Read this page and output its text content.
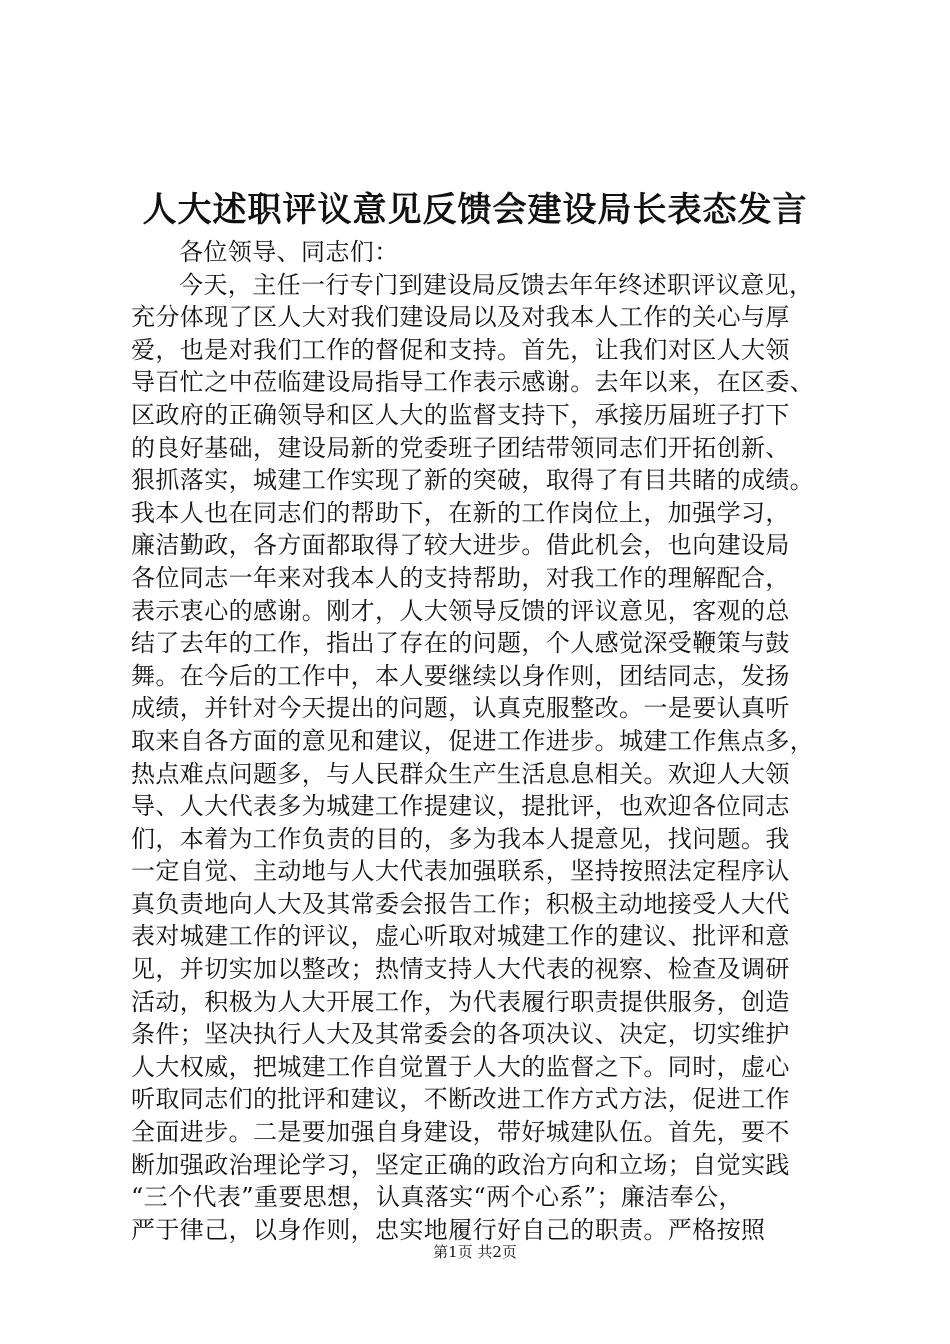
人大述职评议意见反馈会建设局长表态发言
各位领导、同志们：
今天，主任一行专门到建设局反馈去年年终述职评议意见，
充分体现了区人大对我们建设局以及对我本人工作的关心与厚
爱，也是对我们工作的督促和支持。首先，让我们对区人大领
导百忙之中莅临建设局指导工作表示感谢。去年以来，在区委、
区政府的正确领导和区人大的监督支持下，承接历届班子打下
的良好基础，建设局新的党委班子团结带领同志们开拓创新、
狠抓落实，城建工作实现了新的突破，取得了有目共睹的成绩。
我本人也在同志们的帮助下，在新的工作岗位上，加强学习，
廉洁勤政，各方面都取得了较大进步。借此机会，也向建设局
各位同志一年来对我本人的支持帮助，对我工作的理解配合，
表示衷心的感谢。刚才，人大领导反馈的评议意见，客观的总
结了去年的工作，指出了存在的问题，个人感觉深受鞭策与鼓
舞。在今后的工作中，本人要继续以身作则，团结同志，发扬
成绩，并针对今天提出的问题，认真克服整改。一是要认真听
取来自各方面的意见和建议，促进工作进步。城建工作焦点多，
热点难点问题多，与人民群众生产生活息息相关。欢迎人大领
导、人大代表多为城建工作提建议，提批评，也欢迎各位同志
们，本着为工作负责的目的，多为我本人提意见，找问题。我
一定自觉、主动地与人大代表加强联系，坚持按照法定程序认
真负责地向人大及其常委会报告工作；积极主动地接受人大代
表对城建工作的评议，虚心听取对城建工作的建议、批评和意
见，并切实加以整改；热情支持人大代表的视察、检查及调研
活动，积极为人大开展工作，为代表履行职责提供服务，创造
条件；坚决执行人大及其常委会的各项决议、决定，切实维护
人大权威，把城建工作自觉置于人大的监督之下。同时，虚心
听取同志们的批评和建议，不断改进工作方式方法，促进工作
全面进步。二是要加强自身建设，带好城建队伍。首先，要不
断加强政治理论学习，坚定正确的政治方向和立场；自觉实践
“三个代表”重要思想，认真落实“两个心系”；廉洁奉公，
严于律己，以身作则，忠实地履行好自己的职责。严格按照
第1页 共2页
